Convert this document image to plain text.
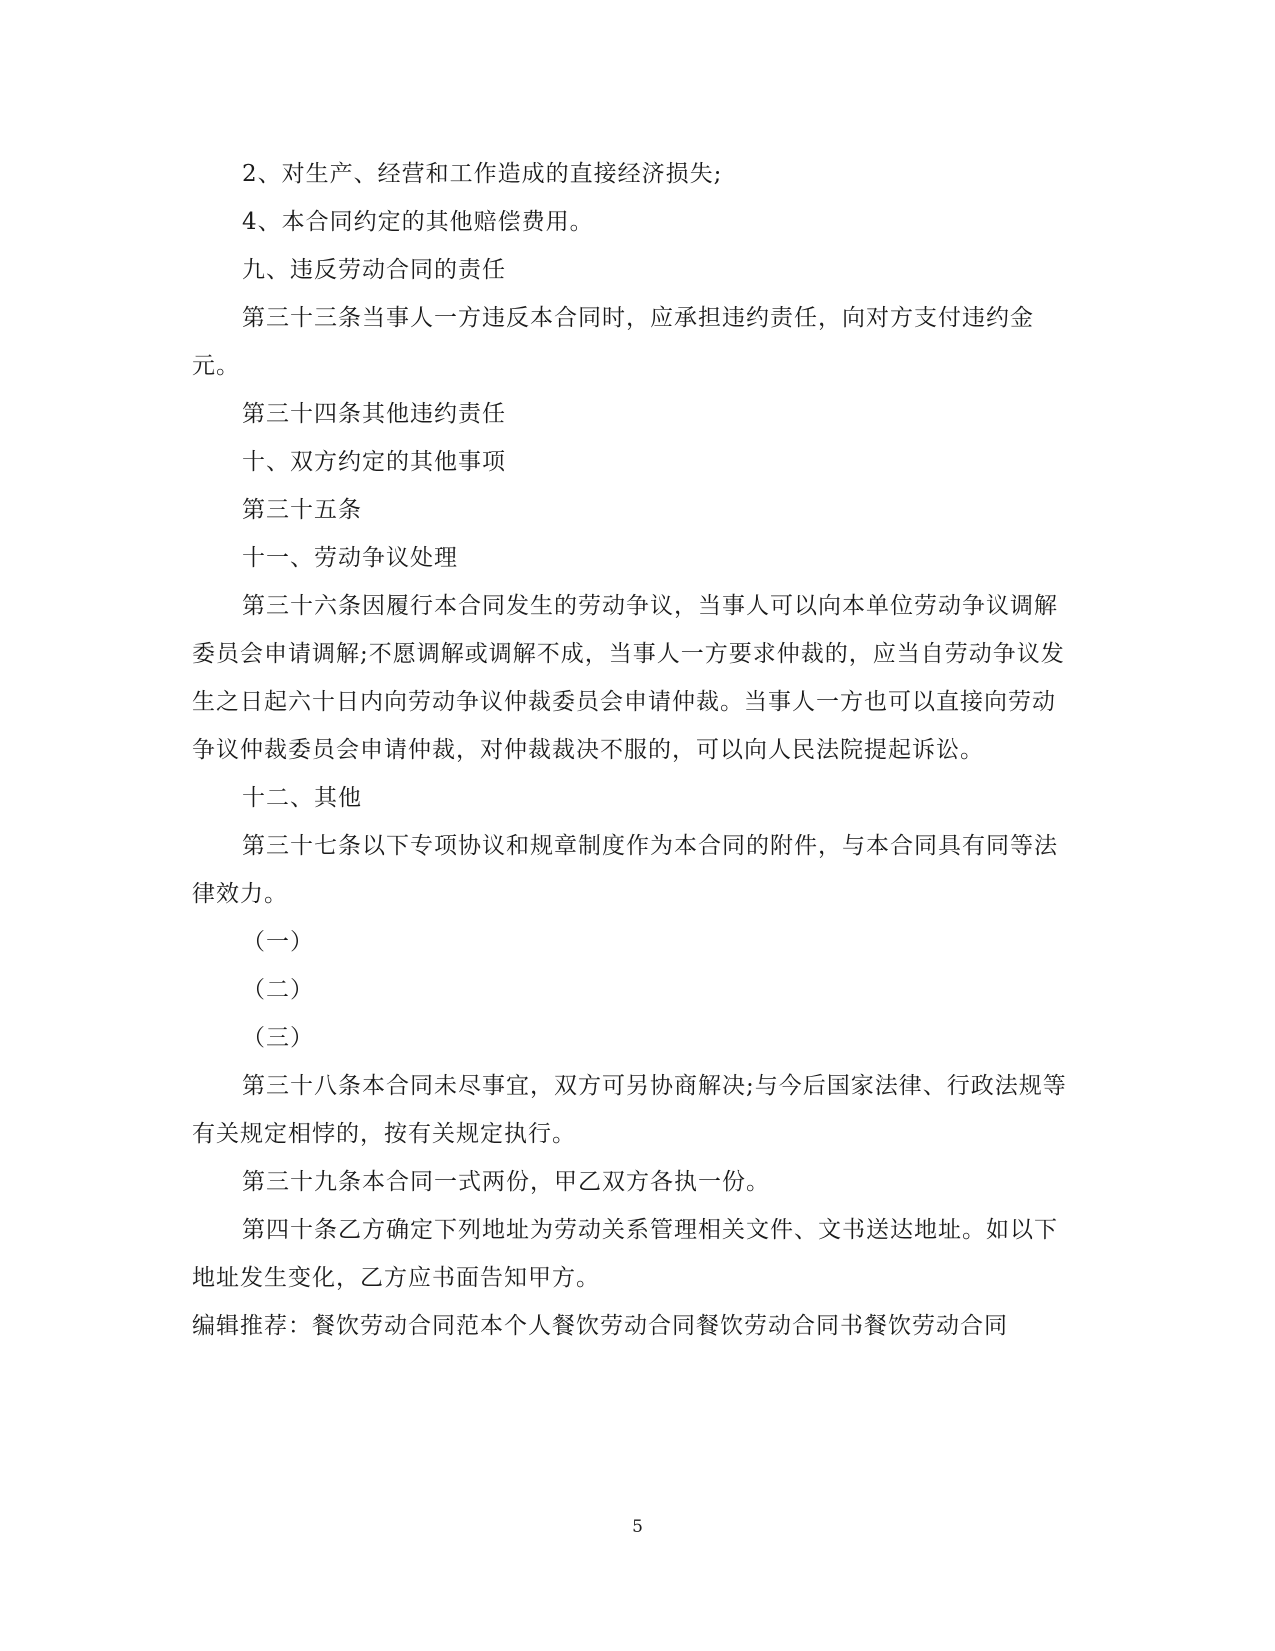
2、对生产、经营和工作造成的直接经济损失;

4、本合同约定的其他赔偿费用。

九、违反劳动合同的责任

第三十三条当事人一方违反本合同时，应承担违约责任，向对方支付违约金元。

第三十四条其他违约责任

十、双方约定的其他事项

第三十五条

十一、劳动争议处理

第三十六条因履行本合同发生的劳动争议，当事人可以向本单位劳动争议调解委员会申请调解;不愿调解或调解不成，当事人一方要求仲裁的，应当自劳动争议发生之日起六十日内向劳动争议仲裁委员会申请仲裁。当事人一方也可以直接向劳动争议仲裁委员会申请仲裁，对仲裁裁决不服的，可以向人民法院提起诉讼。

十二、其他

第三十七条以下专项协议和规章制度作为本合同的附件，与本合同具有同等法律效力。

（一）

（二）

（三）

第三十八条本合同未尽事宜，双方可另协商解决;与今后国家法律、行政法规等有关规定相悖的，按有关规定执行。

第三十九条本合同一式两份，甲乙双方各执一份。

第四十条乙方确定下列地址为劳动关系管理相关文件、文书送达地址。如以下地址发生变化，乙方应书面告知甲方。

编辑推荐：餐饮劳动合同范本个人餐饮劳动合同餐饮劳动合同书餐饮劳动合同

5
